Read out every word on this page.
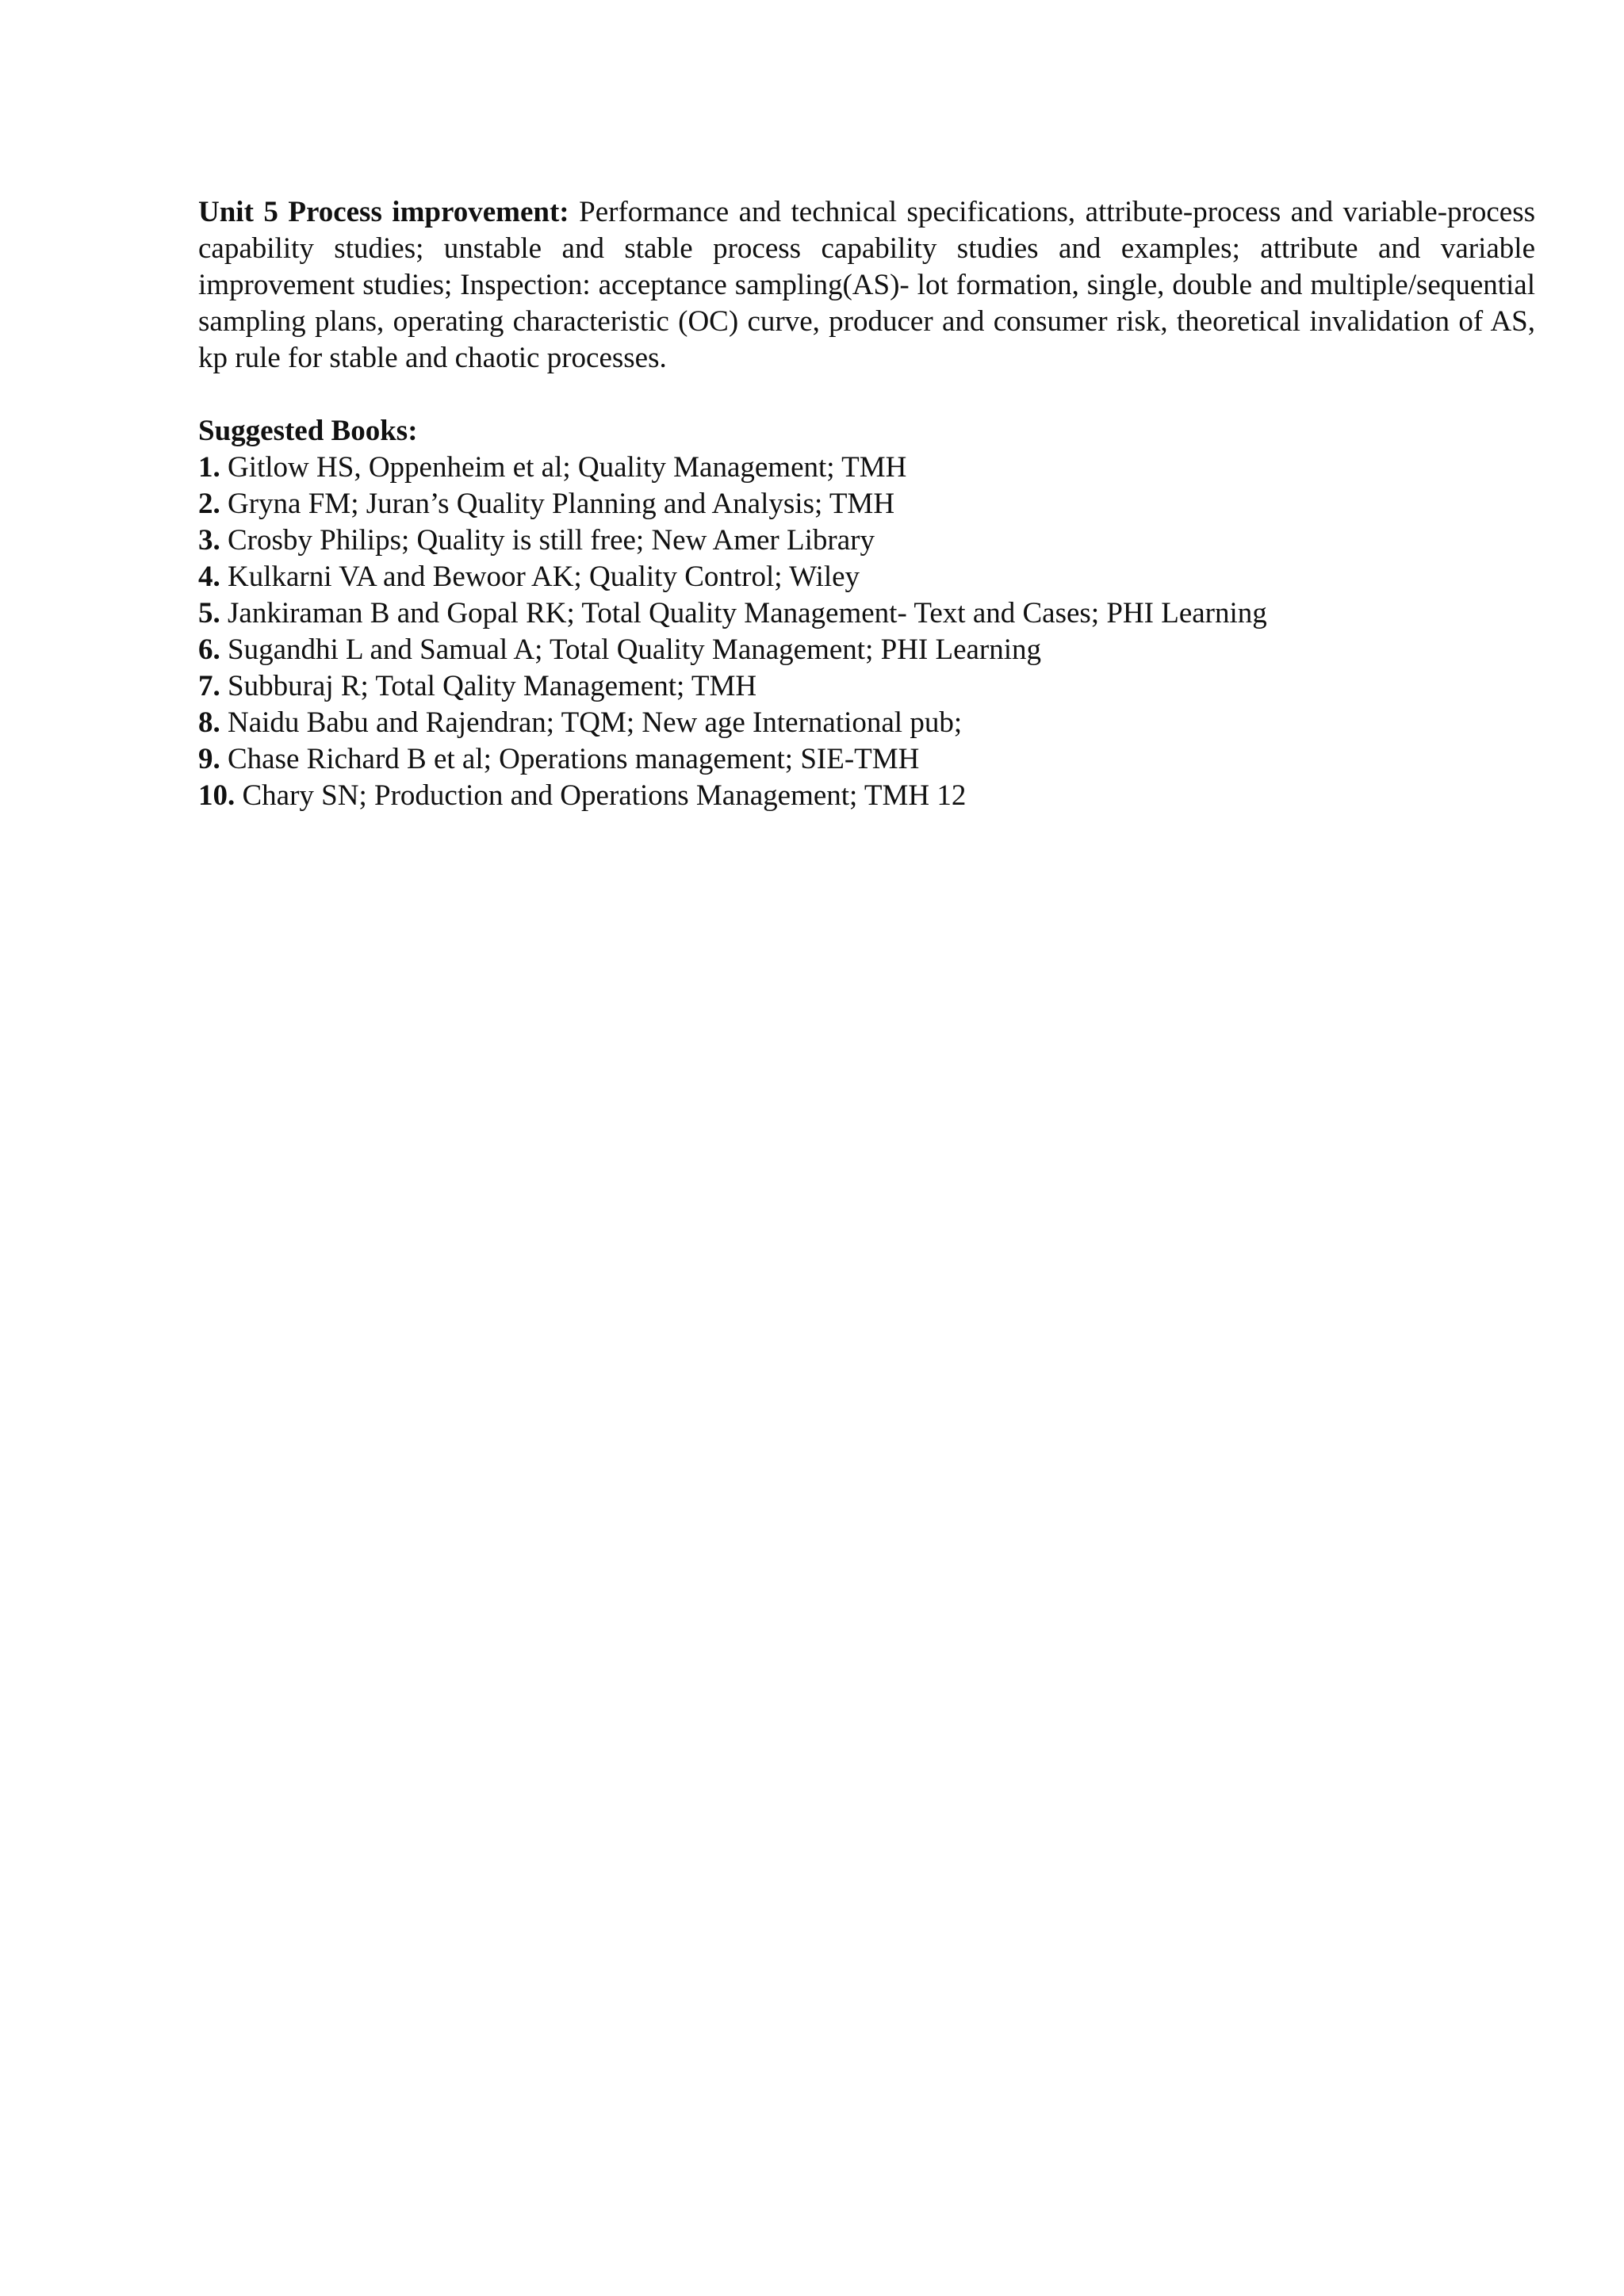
Unit 5 Process improvement: Performance and technical specifications, attribute-process and variable-process capability studies; unstable and stable process capability studies and examples; attribute and variable improvement studies; Inspection: acceptance sampling(AS)- lot formation, single, double and multiple/sequential sampling plans, operating characteristic (OC) curve, producer and consumer risk, theoretical invalidation of AS, kp rule for stable and chaotic processes.

Suggested Books:

1. Gitlow HS, Oppenheim et al; Quality Management; TMH
2. Gryna FM; Juran’s Quality Planning and Analysis; TMH
3. Crosby Philips; Quality is still free; New Amer Library
4. Kulkarni VA and Bewoor AK; Quality Control; Wiley
5. Jankiraman B and Gopal RK; Total Quality Management- Text and Cases; PHI Learning
6. Sugandhi L and Samual A; Total Quality Management; PHI Learning
7. Subburaj R; Total Qality Management; TMH
8. Naidu Babu and Rajendran; TQM; New age International pub;
9. Chase Richard B et al; Operations management; SIE-TMH
10. Chary SN; Production and Operations Management; TMH 12
